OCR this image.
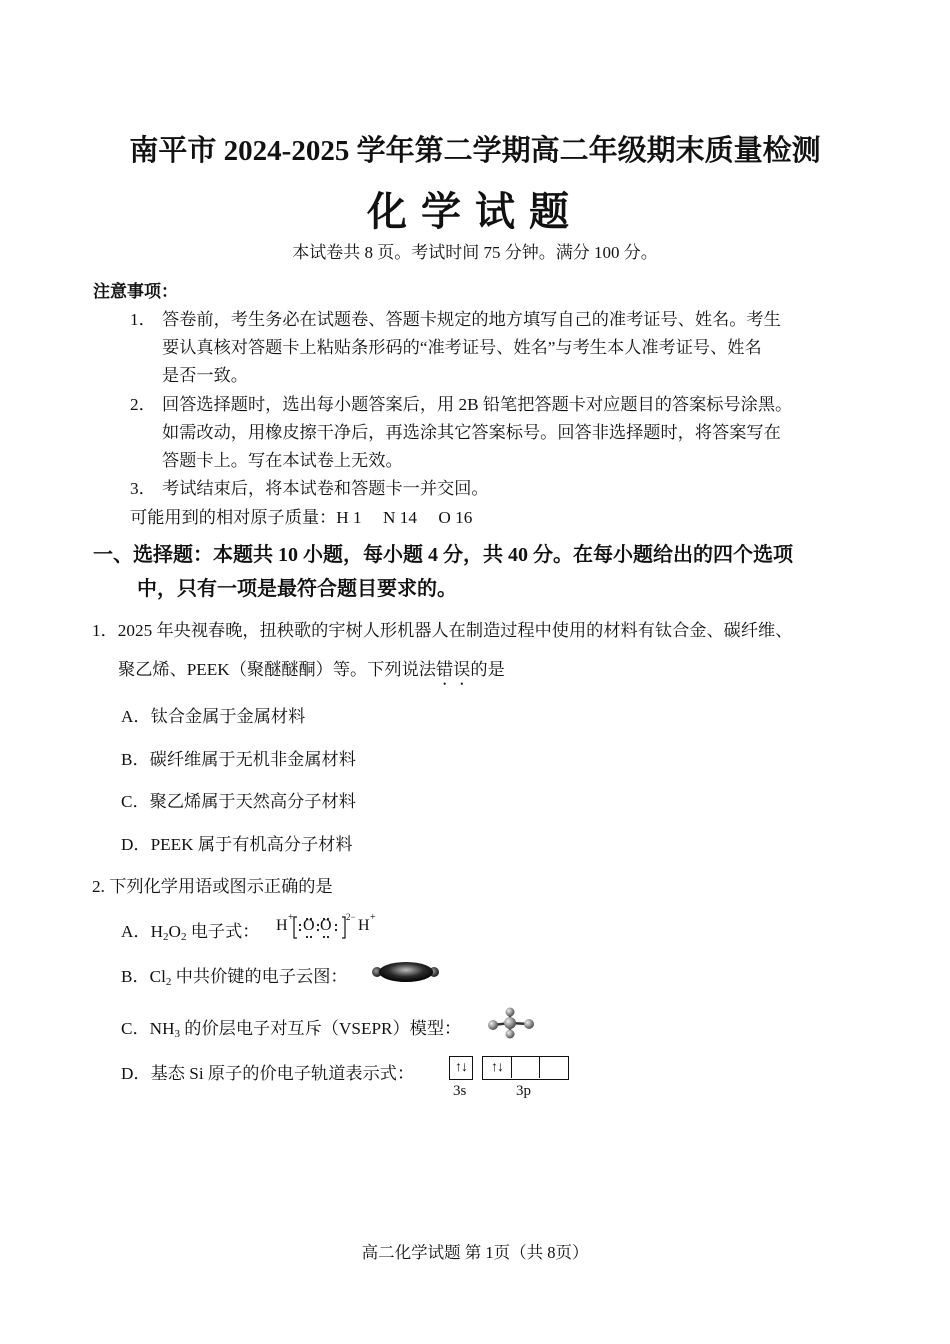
南平市 2024-2025 学年第二学期高二年级期末质量检测
化学试题
本试卷共 8 页。考试时间 75 分钟。满分 100 分。
注意事项：
1． 答卷前，考生务必在试题卷、答题卡规定的地方填写自己的准考证号、姓名。考生
要认真核对答题卡上粘贴条形码的“准考证号、姓名”与考生本人准考证号、姓名
是否一致。
2． 回答选择题时，选出每小题答案后，用 2B 铅笔把答题卡对应题目的答案标号涂黑。
如需改动，用橡皮擦干净后，再选涂其它答案标号。回答非选择题时，将答案写在
答题卡上。写在本试卷上无效。
3． 考试结束后，将本试卷和答题卡一并交回。
可能用到的相对原子质量：H 1　 N 14　 O 16
一、选择题：本题共 10 小题，每小题 4 分，共 40 分。在每小题给出的四个选项
中，只有一项是最符合题目要求的。
1．2025 年央视春晚，扭秧歌的宇树人形机器人在制造过程中使用的材料有钛合金、碳纤维、
聚乙烯、PEEK（聚醚醚酮）等。下列说法错误的是
A．钛合金属于金属材料
B．碳纤维属于无机非金属材料
C．聚乙烯属于天然高分子材料
D．PEEK 属于有机高分子材料
2. 下列化学用语或图示正确的是
A．$H_2O_2$ 电子式： H + O O 2− H +
B．$Cl_2$ 中共价键的电子云图：
C．$NH_3$ 的价层电子对互斥（VSEPR）模型：
D．基态 Si 原子的价电子轨道表示式：	↑↓	↑↓
3s	3p
高二化学试题 第 1页（共 8页）
